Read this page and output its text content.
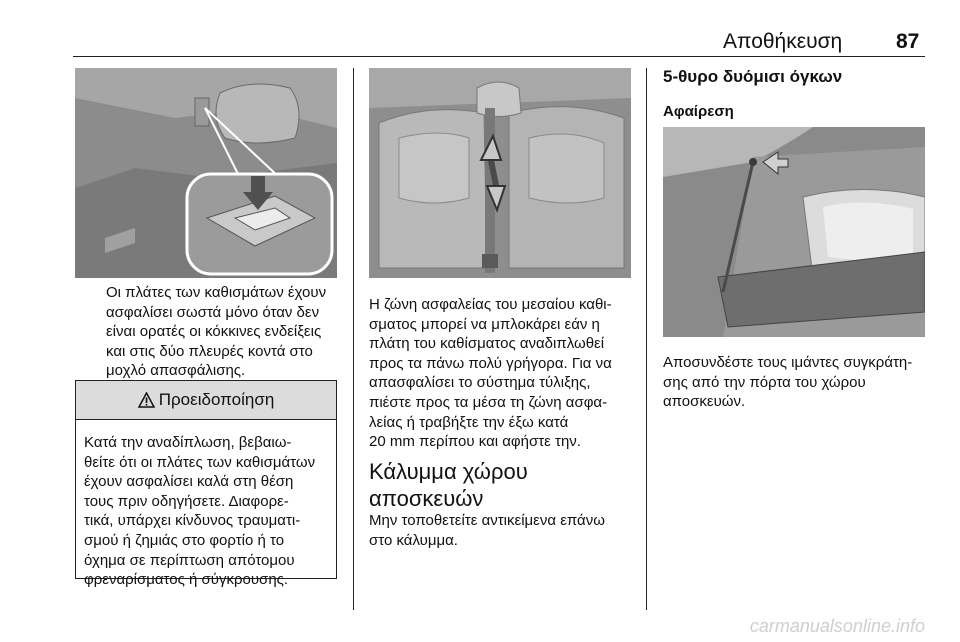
Αποθήκευση	87
Οι πλάτες των καθισμάτων έχουν
ασφαλίσει σωστά μόνο όταν δεν
είναι ορατές οι κόκκινες ενδείξεις
και στις δύο πλευρές κοντά στο
μοχλό απασφάλισης.
Προειδοποίηση
Κατά την αναδίπλωση, βεβαιω-
θείτε ότι οι πλάτες των καθισμάτων
έχουν ασφαλίσει καλά στη θέση
τους πριν οδηγήσετε. Διαφορε-
τικά, υπάρχει κίνδυνος τραυματι-
σμού ή ζημιάς στο φορτίο ή το
όχημα σε περίπτωση απότομου
φρεναρίσματος ή σύγκρουσης.
Η ζώνη ασφαλείας του μεσαίου καθι-
σματος μπορεί να μπλοκάρει εάν η
πλάτη του καθίσματος αναδιπλωθεί
προς τα πάνω πολύ γρήγορα. Για να
απασφαλίσει το σύστημα τύλιξης,
πιέστε προς τα μέσα τη ζώνη ασφα-
λείας ή τραβήξτε την έξω κατά
20 mm περίπου και αφήστε την.
Κάλυμμα χώρου
αποσκευών
Μην τοποθετείτε αντικείμενα επάνω
στο κάλυμμα.
5-θυρο δυόμισι όγκων
Αφαίρεση
Αποσυνδέστε τους ιμάντες συγκράτη-
σης από την πόρτα του χώρου
αποσκευών.
carmanualsonline.info
